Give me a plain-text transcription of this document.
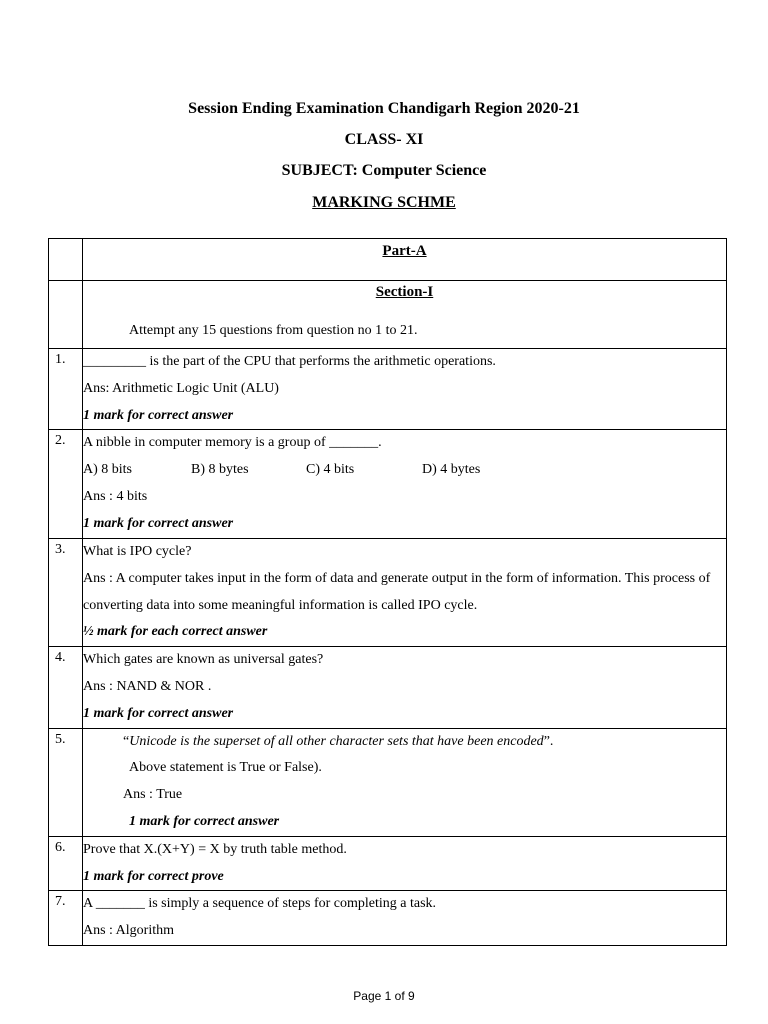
Session Ending Examination Chandigarh Region 2020-21
CLASS- XI
SUBJECT: Computer Science
MARKING SCHME

	Part-A

	Section-I
Attempt any 15 questions from question no 1 to 21.

1.	_________ is the part of the CPU that performs the arithmetic operations.
Ans: Arithmetic Logic Unit (ALU)
1 mark for correct answer

2.	A nibble in computer memory is a group of _______.
A) 8 bits B) 8 bytes C) 4 bits D) 4 bytes
Ans : 4 bits
1 mark for correct answer

3.	What is IPO cycle?
Ans : A computer takes input in the form of data and generate output in the form of information. This process of converting data into some meaningful information is called IPO cycle.
½ mark for each correct answer

4.	Which gates are known as universal gates?
Ans : NAND & NOR .
1 mark for correct answer

5.	“Unicode is the superset of all other character sets that have been encoded”.
Above statement is True or False).
Ans : True
1 mark for correct answer

6.	Prove that X.(X+Y) = X by truth table method.
1 mark for correct prove

7.	A _______ is simply a sequence of steps for completing a task.
Ans : Algorithm
Page 1 of 9
